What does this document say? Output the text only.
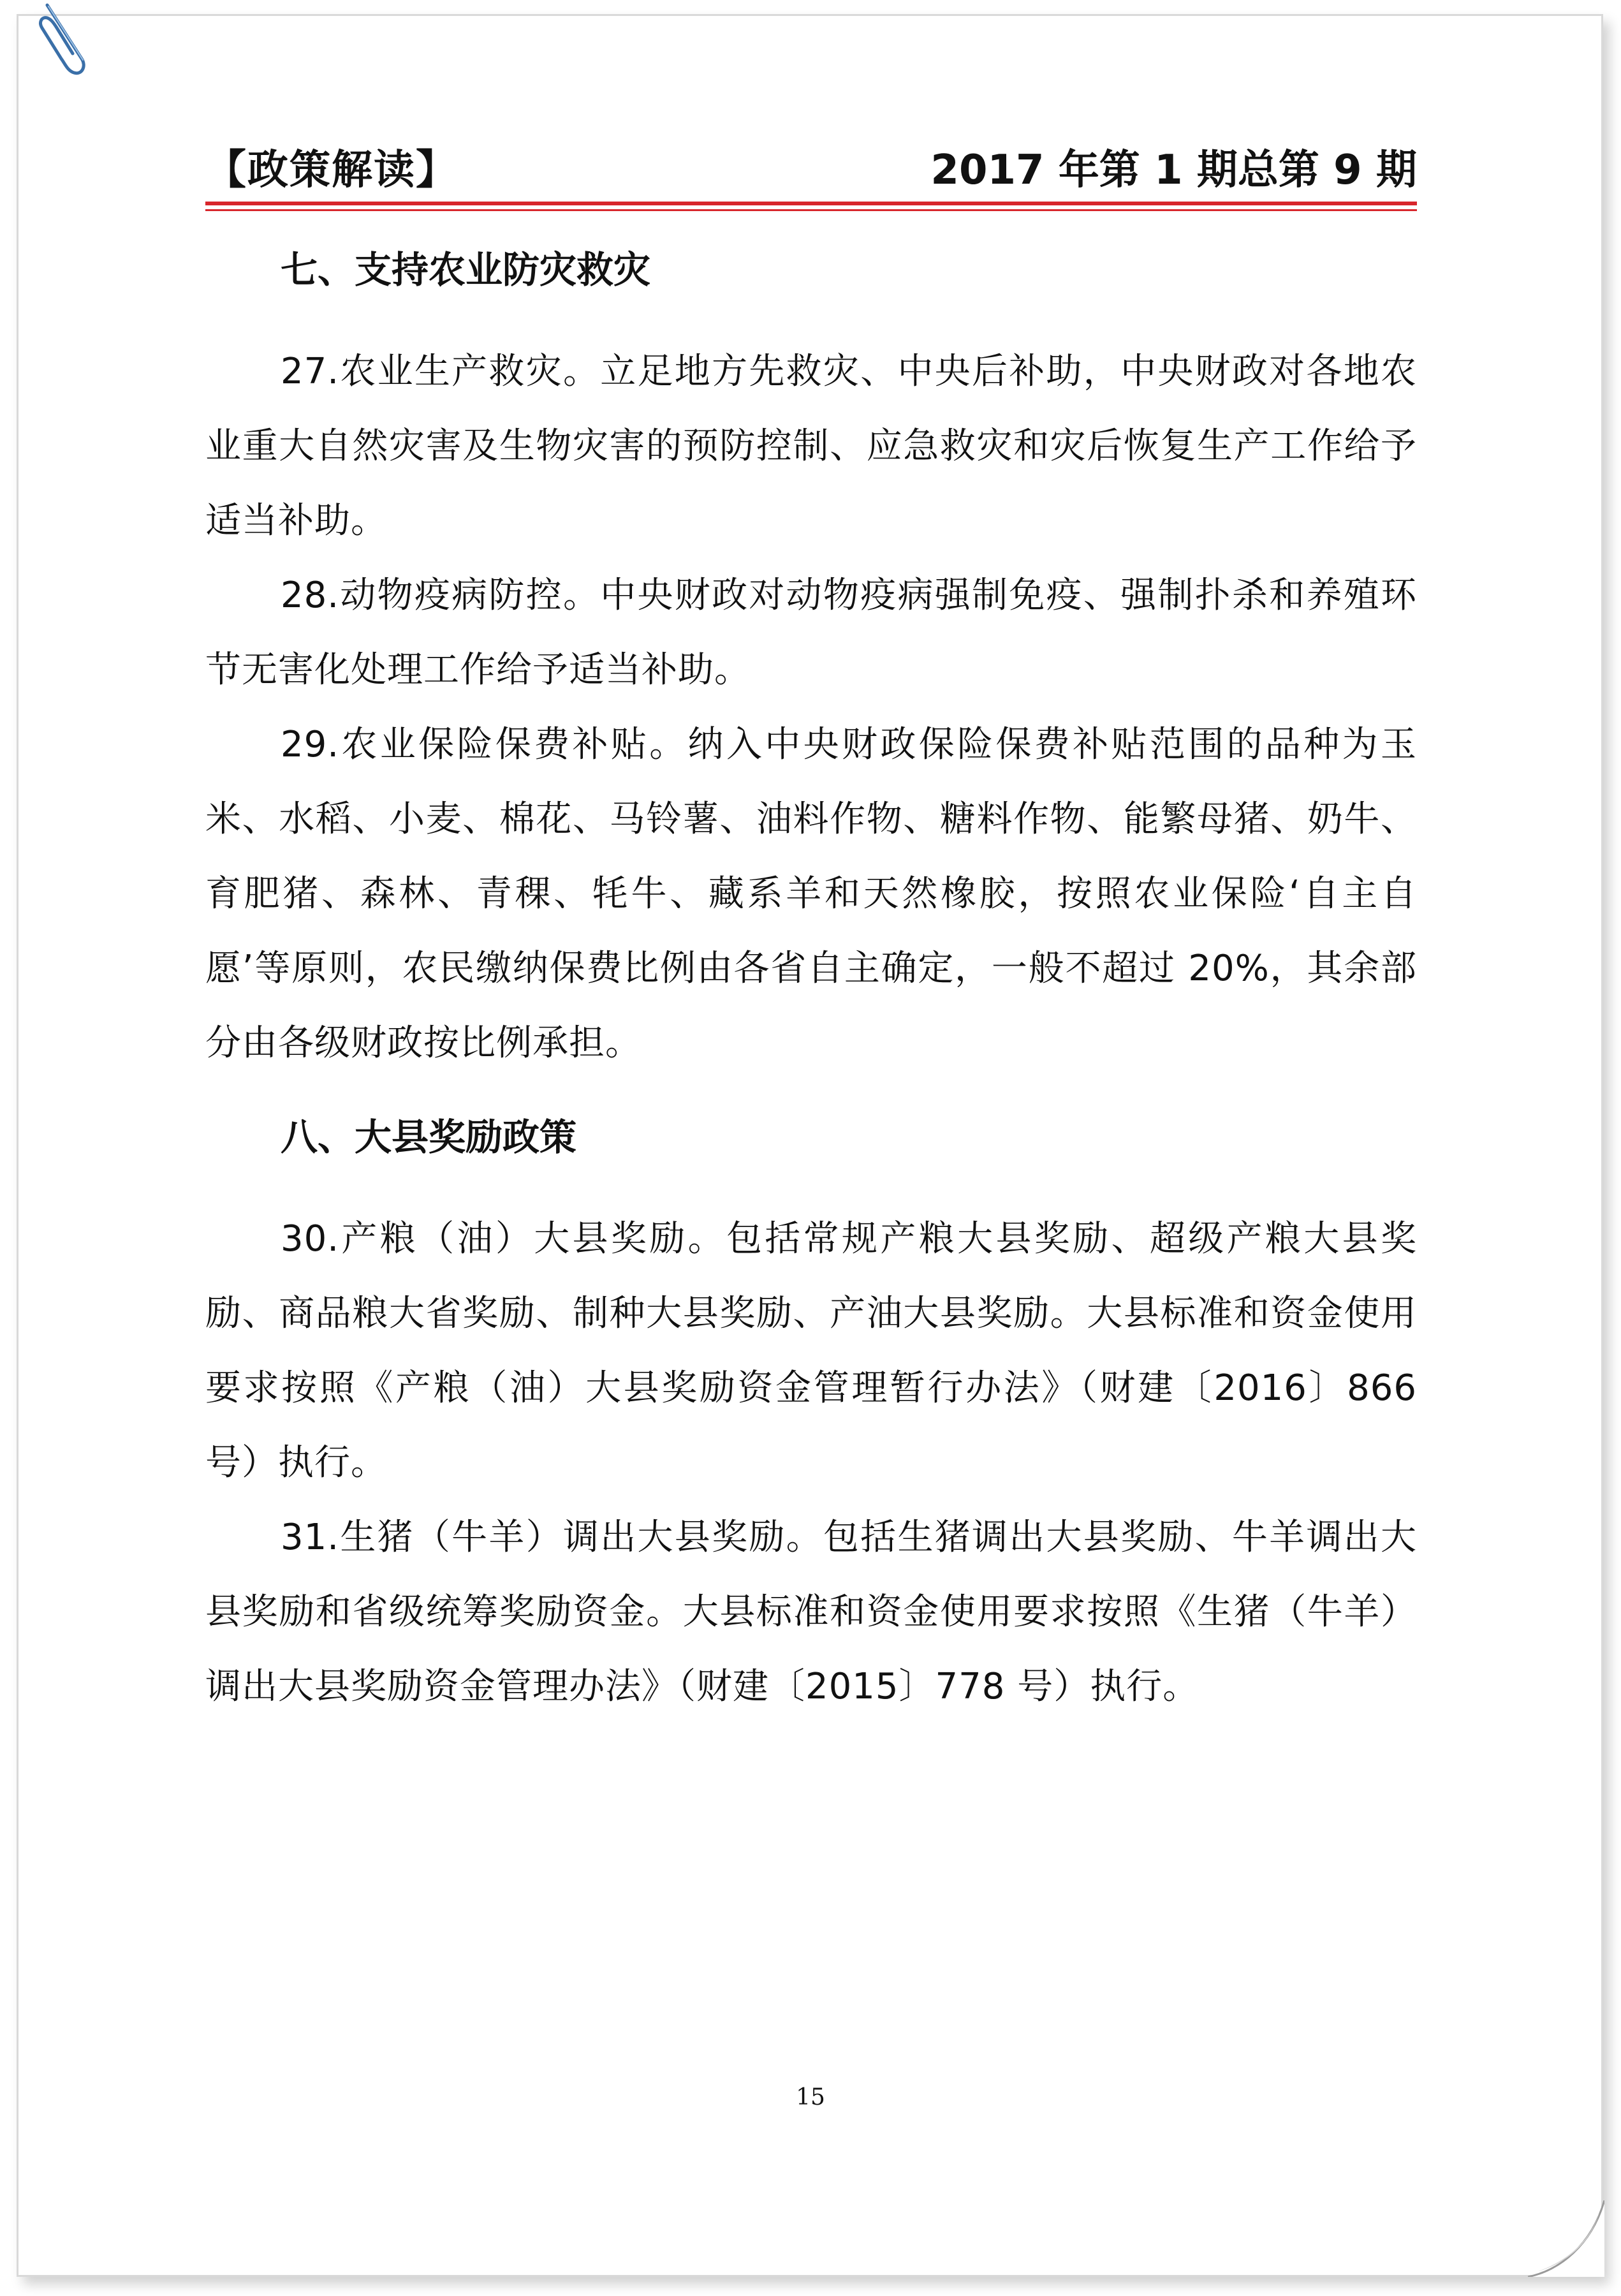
【政策解读】	2017 年第 1 期总第 9 期
七、支持农业防灾救灾

27.农业生产救灾。立足地方先救灾、中央后补助，中央财政对各地农业重大自然灾害及生物灾害的预防控制、应急救灾和灾后恢复生产工作给予适当补助。

28.动物疫病防控。中央财政对动物疫病强制免疫、强制扑杀和养殖环节无害化处理工作给予适当补助。

29.农业保险保费补贴。纳入中央财政保险保费补贴范围的品种为玉米、水稻、小麦、棉花、马铃薯、油料作物、糖料作物、能繁母猪、奶牛、育肥猪、森林、青稞、牦牛、藏系羊和天然橡胶，按照农业保险‘自主自愿’等原则，农民缴纳保费比例由各省自主确定，一般不超过 20%，其余部分由各级财政按比例承担。

八、大县奖励政策

30.产粮（油）大县奖励。包括常规产粮大县奖励、超级产粮大县奖励、商品粮大省奖励、制种大县奖励、产油大县奖励。大县标准和资金使用要求按照《产粮（油）大县奖励资金管理暂行办法》（财建〔2016〕866 号）执行。

31.生猪（牛羊）调出大县奖励。包括生猪调出大县奖励、牛羊调出大县奖励和省级统筹奖励资金。大县标准和资金使用要求按照《生猪（牛羊）调出大县奖励资金管理办法》（财建〔2015〕778 号）执行。

15
